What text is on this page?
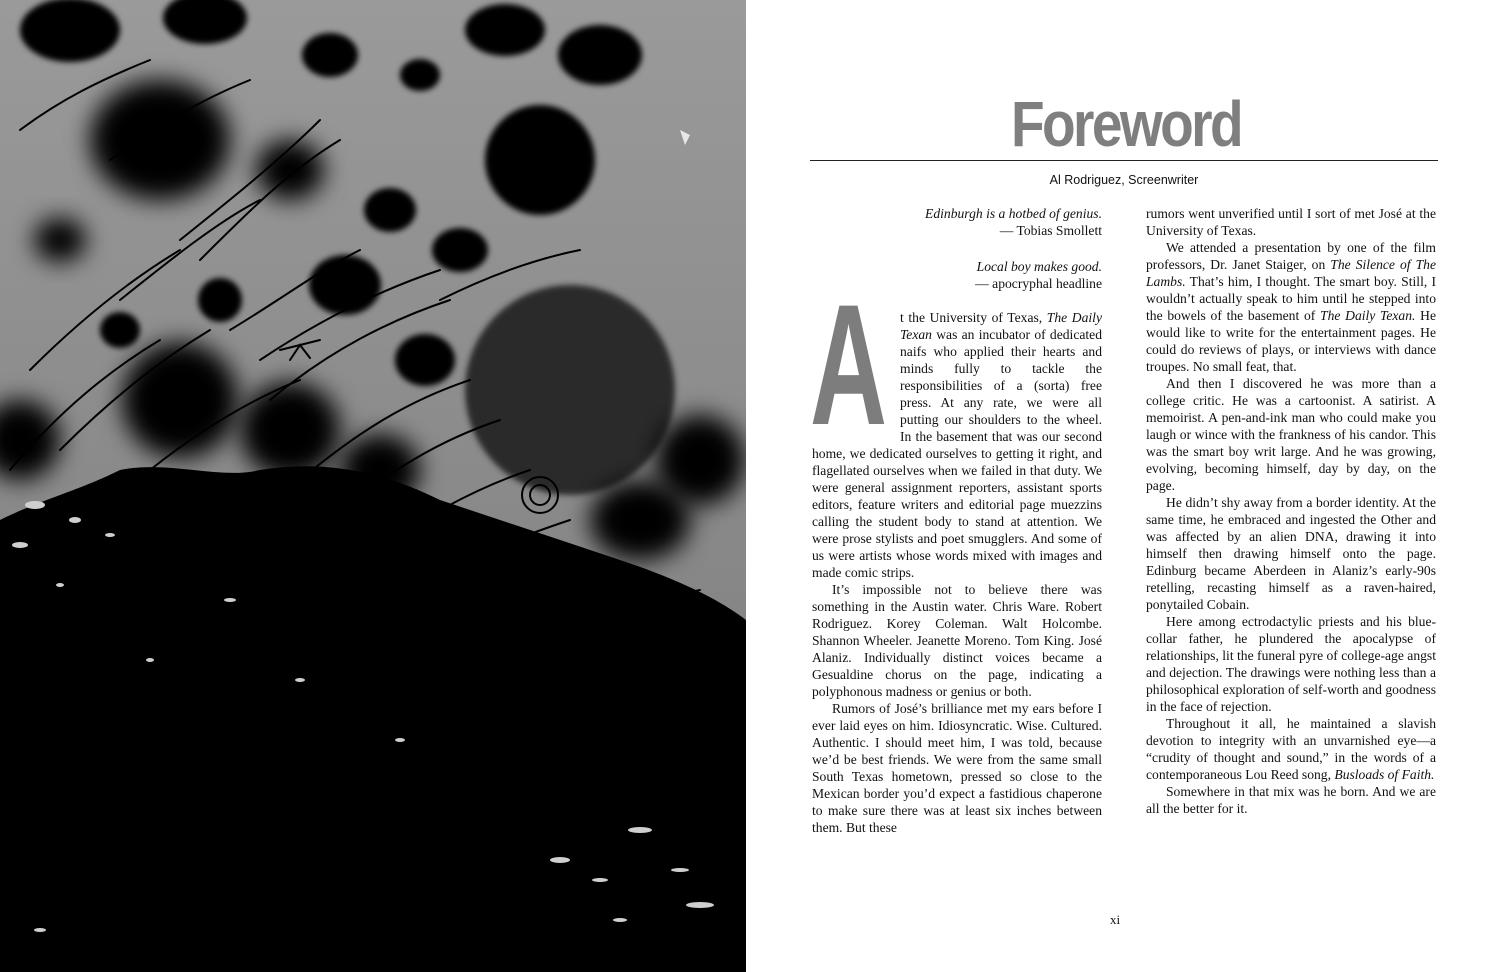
Foreword
Al Rodriguez, Screenwriter
Edinburgh is a hotbed of genius.
— Tobias Smollett
Local boy makes good.
— apocryphal headline
A t the University of Texas, The Daily Texan was an incubator of dedicated naifs who applied their hearts and minds fully to tackle the responsibilities of a (sorta) free press. At any rate, we were all putting our shoulders to the wheel. In the basement that was our second home, we dedicated ourselves to getting it right, and flagellated ourselves when we failed in that duty. We were general assignment reporters, assistant sports editors, feature writers and editorial page muezzins calling the student body to stand at attention. We were prose stylists and poet smugglers. And some of us were artists whose words mixed with images and made comic strips.

It’s impossible not to believe there was something in the Austin water. Chris Ware. Robert Rodriguez. Korey Coleman. Walt Holcombe. Shannon Wheeler. Jeanette Moreno. Tom King. José Alaniz. Individually distinct voices became a Gesualdine chorus on the page, indicating a polyphonous madness or genius or both.

Rumors of José’s brilliance met my ears before I ever laid eyes on him. Idiosyncratic. Wise. Cultured. Authentic. I should meet him, I was told, because we’d be best friends. We were from the same small South Texas hometown, pressed so close to the Mexican border you’d expect a fastidious chaperone to make sure there was at least six inches between them. But these

rumors went unverified until I sort of met José at the University of Texas.

We attended a presentation by one of the film professors, Dr. Janet Staiger, on The Silence of The Lambs. That’s him, I thought. The smart boy. Still, I wouldn’t actually speak to him until he stepped into the bowels of the basement of The Daily Texan. He would like to write for the entertainment pages. He could do reviews of plays, or interviews with dance troupes. No small feat, that.

And then I discovered he was more than a college critic. He was a cartoonist. A satirist. A memoirist. A pen-and-ink man who could make you laugh or wince with the frankness of his candor. This was the smart boy writ large. And he was growing, evolving, becoming himself, day by day, on the page.

He didn’t shy away from a border identity. At the same time, he embraced and ingested the Other and was affected by an alien DNA, drawing it into himself then drawing himself onto the page. Edinburg became Aberdeen in Alaniz’s early-90s retelling, recasting himself as a raven-haired, ponytailed Cobain.

Here among ectrodactylic priests and his blue-collar father, he plundered the apocalypse of relationships, lit the funeral pyre of college-age angst and dejection. The drawings were nothing less than a philosophical exploration of self-worth and goodness in the face of rejection.

Throughout it all, he maintained a slavish devotion to integrity with an unvarnished eye—a “crudity of thought and sound,” in the words of a contemporaneous Lou Reed song, Busloads of Faith.

Somewhere in that mix was he born. And we are all the better for it.

xi
